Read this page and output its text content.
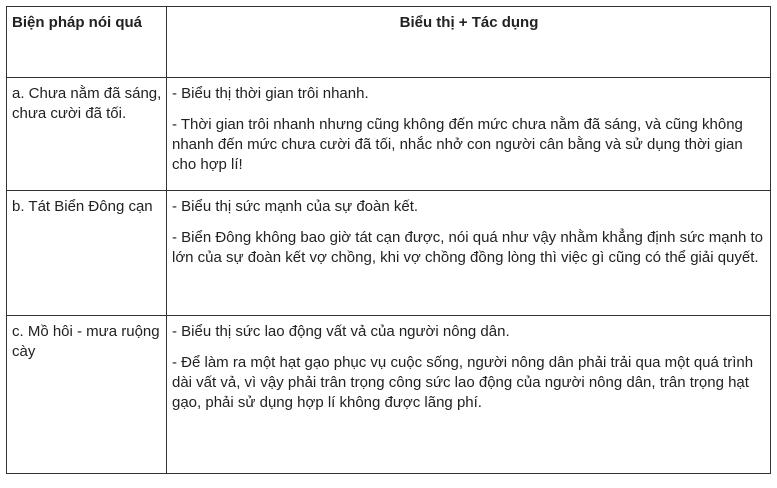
Biện pháp nói quá	Biểu thị + Tác dụng
a. Chưa nằm đã sáng, chưa cười đã tối.	- Biểu thị thời gian trôi nhanh.

- Thời gian trôi nhanh nhưng cũng không đến mức chưa nằm đã sáng, và cũng không nhanh đến mức chưa cười đã tối, nhắc nhở con người cân bằng và sử dụng thời gian cho hợp lí!

b. Tát Biển Đông cạn	- Biểu thị sức mạnh của sự đoàn kết.

- Biển Đông không bao giờ tát cạn được, nói quá như vậy nhằm khẳng định sức mạnh to lớn của sự đoàn kết vợ chồng, khi vợ chồng đồng lòng thì việc gì cũng có thể giải quyết.

c. Mồ hôi - mưa ruộng cày	- Biểu thị sức lao động vất vả của người nông dân.

- Để làm ra một hạt gạo phục vụ cuộc sống, người nông dân phải trải qua một quá trình dài vất vả, vì vậy phải trân trọng công sức lao động của người nông dân, trân trọng hạt gạo, phải sử dụng hợp lí không được lãng phí.
